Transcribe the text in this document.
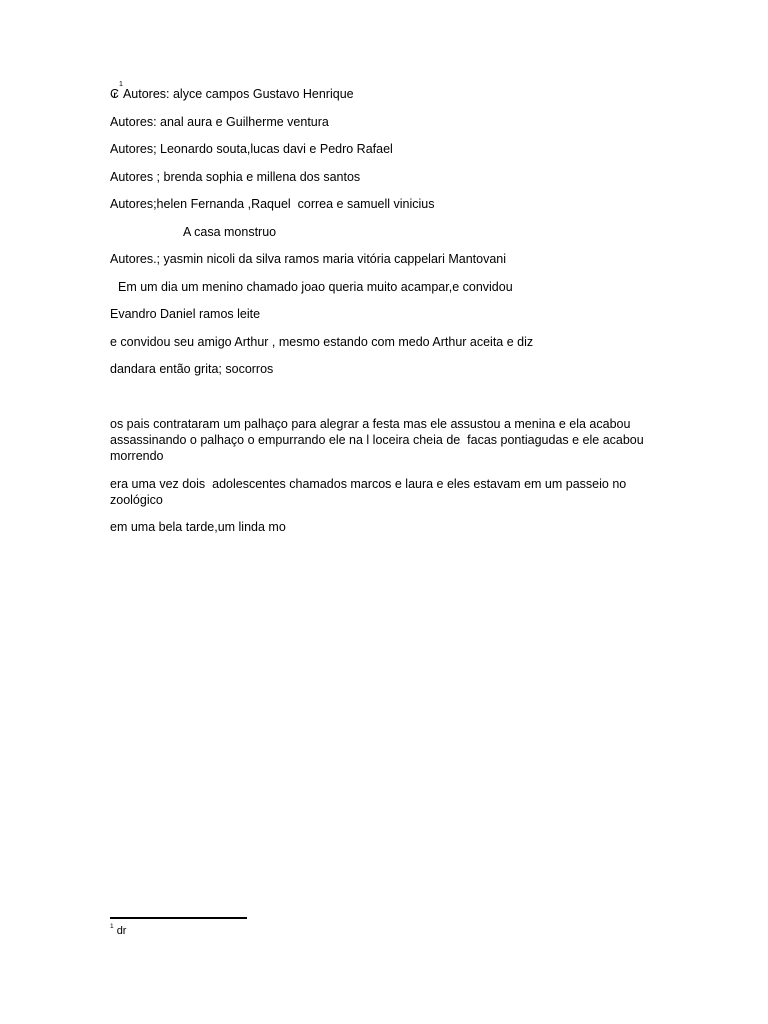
₢
$^1$
Autores: alyce campos Gustavo Henrique

Autores: anal aura e Guilherme ventura

Autores; Leonardo souta,lucas davi e Pedro Rafael

Autores ; brenda sophia e millena dos santos

Autores;helen Fernanda ,Raquel  correa e samuell vinicius

A casa monstruo

Autores.; yasmin nicoli da silva ramos maria vitória cappelari Mantovani

Em um dia um menino chamado joao queria muito acampar,e convidou

Evandro Daniel ramos leite

e convidou seu amigo Arthur , mesmo estando com medo Arthur aceita e diz

dandara então grita; socorros

os pais contrataram um palhaço para alegrar a festa mas ele assustou a menina e ela acabou assassinando o palhaço o empurrando ele na l loceira cheia de  facas pontiagudas e ele acabou morrendo

era uma vez dois  adolescentes chamados marcos e laura e eles estavam em um passeio no zoológico

em uma bela tarde,um linda mo

$^1$ dr
